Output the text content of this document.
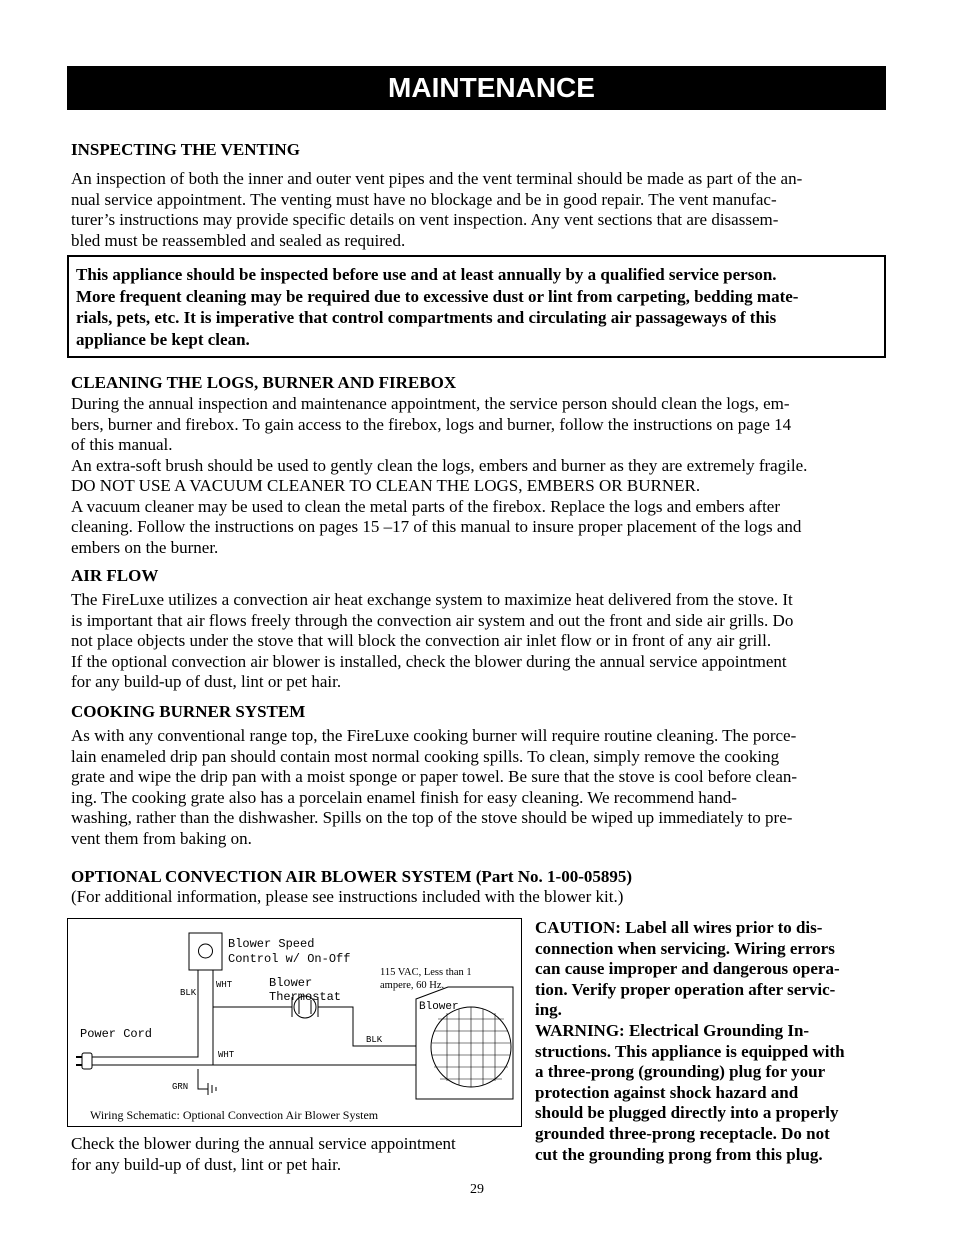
MAINTENANCE
INSPECTING THE VENTING
An inspection of both the inner and outer vent pipes and the vent terminal should be made as part of the an-
nual service appointment. The venting must have no blockage and be in good repair. The vent manufac-
turer’s instructions may provide specific details on vent inspection. Any vent sections that are disassem-
bled must be reassembled and sealed as required.
This appliance should be inspected before use and at least annually by a qualified service person.
More frequent cleaning may be required due to excessive dust or lint from carpeting, bedding mate-
rials, pets, etc. It is imperative that control compartments and circulating air passageways of this
appliance be kept clean.
CLEANING THE LOGS, BURNER AND FIREBOX
During the annual inspection and maintenance appointment, the service person should clean the logs, em-
bers, burner and firebox. To gain access to the firebox, logs and burner, follow the instructions on page 14
of this manual.
An extra-soft brush should be used to gently clean the logs, embers and burner as they are extremely fragile.
DO NOT USE A VACUUM CLEANER TO CLEAN THE LOGS, EMBERS OR BURNER.
A vacuum cleaner may be used to clean the metal parts of the firebox. Replace the logs and embers after
cleaning. Follow the instructions on pages 15 –17 of this manual to insure proper placement of the logs and
embers on the burner.
AIR FLOW
The FireLuxe utilizes a convection air heat exchange system to maximize heat delivered from the stove. It
is important that air flows freely through the convection air system and out the front and side air grills. Do
not place objects under the stove that will block the convection air inlet flow or in front of any air grill.
If the optional convection air blower is installed, check the blower during the annual service appointment
for any build-up of dust, lint or pet hair.
COOKING BURNER SYSTEM
As with any conventional range top, the FireLuxe cooking burner will require routine cleaning. The porce-
lain enameled drip pan should contain most normal cooking spills. To clean, simply remove the cooking
grate and wipe the drip pan with a moist sponge or paper towel. Be sure that the stove is cool before clean-
ing. The cooking grate also has a porcelain enamel finish for easy cleaning. We recommend hand-
washing, rather than the dishwasher. Spills on the top of the stove should be wiped up immediately to pre-
vent them from baking on.
OPTIONAL CONVECTION AIR BLOWER SYSTEM (Part No. 1-00-05895)
(For additional information, please see instructions included with the blower kit.)
Blower Speed
Control w/ On-Off
Blower
Thermostat
Power Cord
Blower
BLK
WHT
BLK
WHT
GRN
115 VAC, Less than 1
ampere, 60 Hz.
Wiring Schematic: Optional Convection Air Blower System
Check the blower during the annual service appointment
for any build-up of dust, lint or pet hair.
CAUTION: Label all wires prior to dis-
connection when servicing. Wiring errors
can cause improper and dangerous opera-
tion. Verify proper operation after servic-
ing.
WARNING: Electrical Grounding In-
structions. This appliance is equipped with
a three-prong (grounding) plug for your
protection against shock hazard and
should be plugged directly into a properly
grounded three-prong receptacle. Do not
cut the grounding prong from this plug.
29
